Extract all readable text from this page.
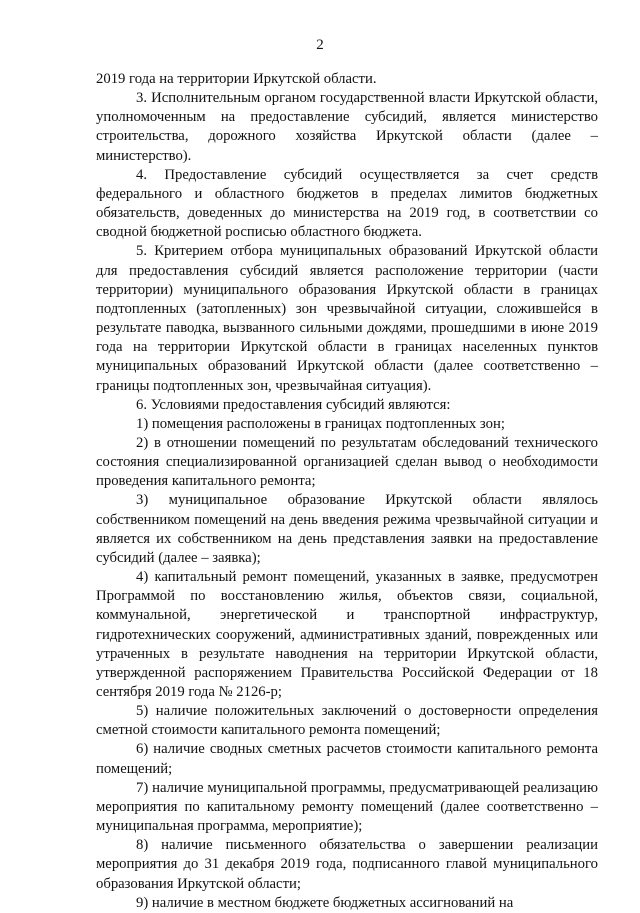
2

2019 года на территории Иркутской области.

3. Исполнительным органом государственной власти Иркутской области, уполномоченным на предоставление субсидий, является министерство строительства, дорожного хозяйства Иркутской области (далее – министерство).

4. Предоставление субсидий осуществляется за счет средств федерального и областного бюджетов в пределах лимитов бюджетных обязательств, доведенных до министерства на 2019 год, в соответствии со сводной бюджетной росписью областного бюджета.

5. Критерием отбора муниципальных образований Иркутской области для предоставления субсидий является расположение территории (части территории) муниципального образования Иркутской области в границах подтопленных (затопленных) зон чрезвычайной ситуации, сложившейся в результате паводка, вызванного сильными дождями, прошедшими в июне 2019 года на территории Иркутской области в границах населенных пунктов муниципальных образований Иркутской области (далее соответственно – границы подтопленных зон, чрезвычайная ситуация).

6. Условиями предоставления субсидий являются:

1) помещения расположены в границах подтопленных зон;

2) в отношении помещений по результатам обследований технического состояния специализированной организацией сделан вывод о необходимости проведения капитального ремонта;

3) муниципальное образование Иркутской области являлось собственником помещений на день введения режима чрезвычайной ситуации и является их собственником на день представления заявки на предоставление субсидий (далее – заявка);

4) капитальный ремонт помещений, указанных в заявке, предусмотрен Программой по восстановлению жилья, объектов связи, социальной, коммунальной, энергетической и транспортной инфраструктур, гидротехнических сооружений, административных зданий, поврежденных или утраченных в результате наводнения на территории Иркутской области, утвержденной распоряжением Правительства Российской Федерации от 18 сентября 2019 года № 2126-р;

5) наличие положительных заключений о достоверности определения сметной стоимости капитального ремонта помещений;

6) наличие сводных сметных расчетов стоимости капитального ремонта помещений;

7) наличие муниципальной программы, предусматривающей реализацию мероприятия по капитальному ремонту помещений (далее соответственно – муниципальная программа, мероприятие);

8) наличие письменного обязательства о завершении реализации мероприятия до 31 декабря 2019 года, подписанного главой муниципального образования Иркутской области;

9) наличие в местном бюджете бюджетных ассигнований на
